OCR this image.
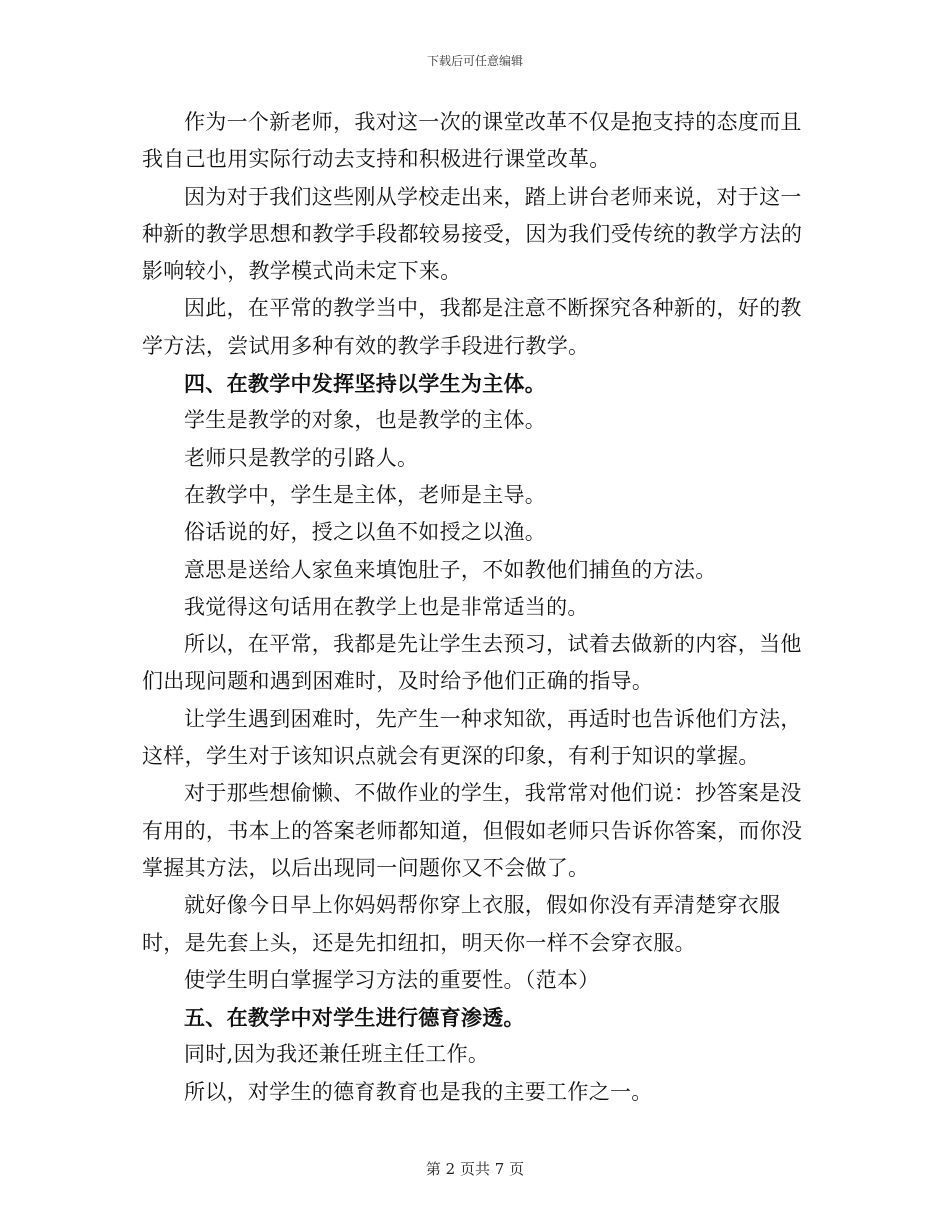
下载后可任意编辑

作为一个新老师，我对这一次的课堂改革不仅是抱支持的态度而且我自己也用实际行动去支持和积极进行课堂改革。

因为对于我们这些刚从学校走出来，踏上讲台老师来说，对于这一种新的教学思想和教学手段都较易接受，因为我们受传统的教学方法的影响较小，教学模式尚未定下来。

因此，在平常的教学当中，我都是注意不断探究各种新的，好的教学方法，尝试用多种有效的教学手段进行教学。

四、在教学中发挥坚持以学生为主体。

学生是教学的对象，也是教学的主体。

老师只是教学的引路人。

在教学中，学生是主体，老师是主导。

俗话说的好，授之以鱼不如授之以渔。

意思是送给人家鱼来填饱肚子，不如教他们捕鱼的方法。

我觉得这句话用在教学上也是非常适当的。

所以，在平常，我都是先让学生去预习，试着去做新的内容，当他们出现问题和遇到困难时，及时给予他们正确的指导。

让学生遇到困难时，先产生一种求知欲，再适时也告诉他们方法，这样，学生对于该知识点就会有更深的印象，有利于知识的掌握。

对于那些想偷懒、不做作业的学生，我常常对他们说：抄答案是没有用的，书本上的答案老师都知道，但假如老师只告诉你答案，而你没掌握其方法，以后出现同一问题你又不会做了。

就好像今日早上你妈妈帮你穿上衣服，假如你没有弄清楚穿衣服时，是先套上头，还是先扣纽扣，明天你一样不会穿衣服。

使学生明白掌握学习方法的重要性。（范本）

五、在教学中对学生进行德育渗透。

同时,因为我还兼任班主任工作。

所以，对学生的德育教育也是我的主要工作之一。

第 2 页共 7 页
